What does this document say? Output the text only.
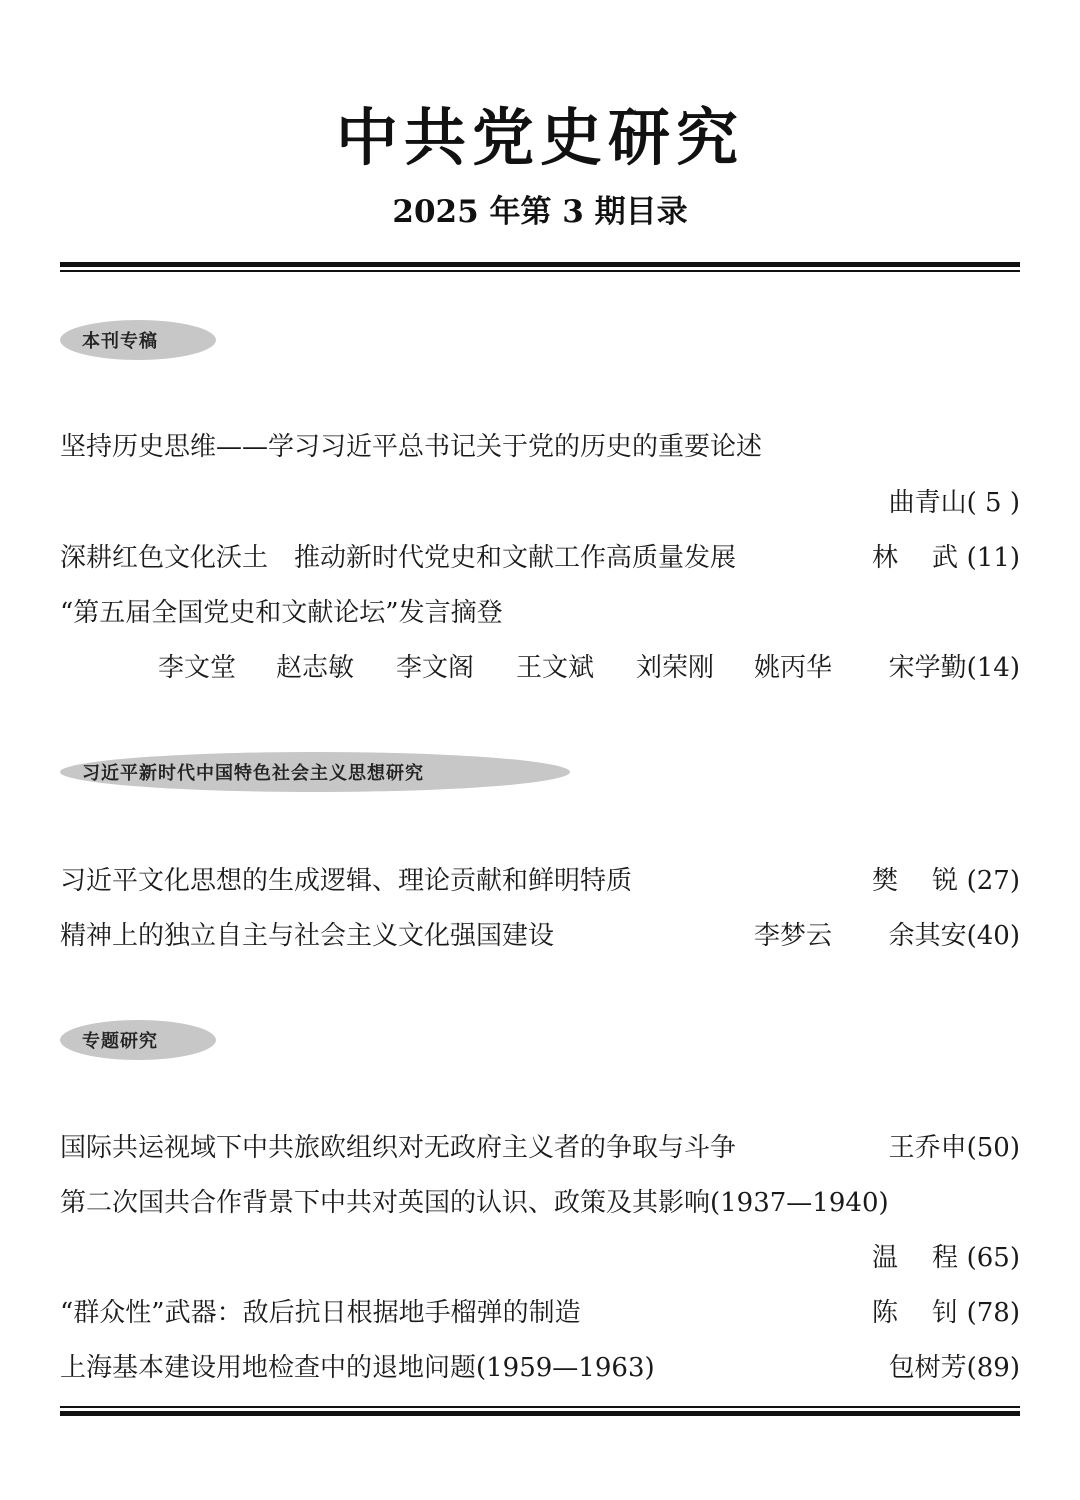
中共党史研究
2025 年第 3 期目录
本刊专稿
坚持历史思维——学习习近平总书记关于党的历史的重要论述
曲青山( 5 )
深耕红色文化沃土　推动新时代党史和文献工作高质量发展	林 武 (11)
“第五届全国党史和文献论坛”发言摘登
李文堂 赵志敏 李文阁 王文斌 刘荣刚 姚丙华 宋学勤(14)
习近平新时代中国特色社会主义思想研究
习近平文化思想的生成逻辑、理论贡献和鲜明特质	樊 锐 (27)
精神上的独立自主与社会主义文化强国建设	李梦云 余其安(40)
专题研究
国际共运视域下中共旅欧组织对无政府主义者的争取与斗争	王乔申(50)
第二次国共合作背景下中共对英国的认识、政策及其影响(1937—1940)
温 程 (65)
“群众性”武器：敌后抗日根据地手榴弹的制造	陈 钊 (78)
上海基本建设用地检查中的退地问题(1959—1963)	包树芳(89)
